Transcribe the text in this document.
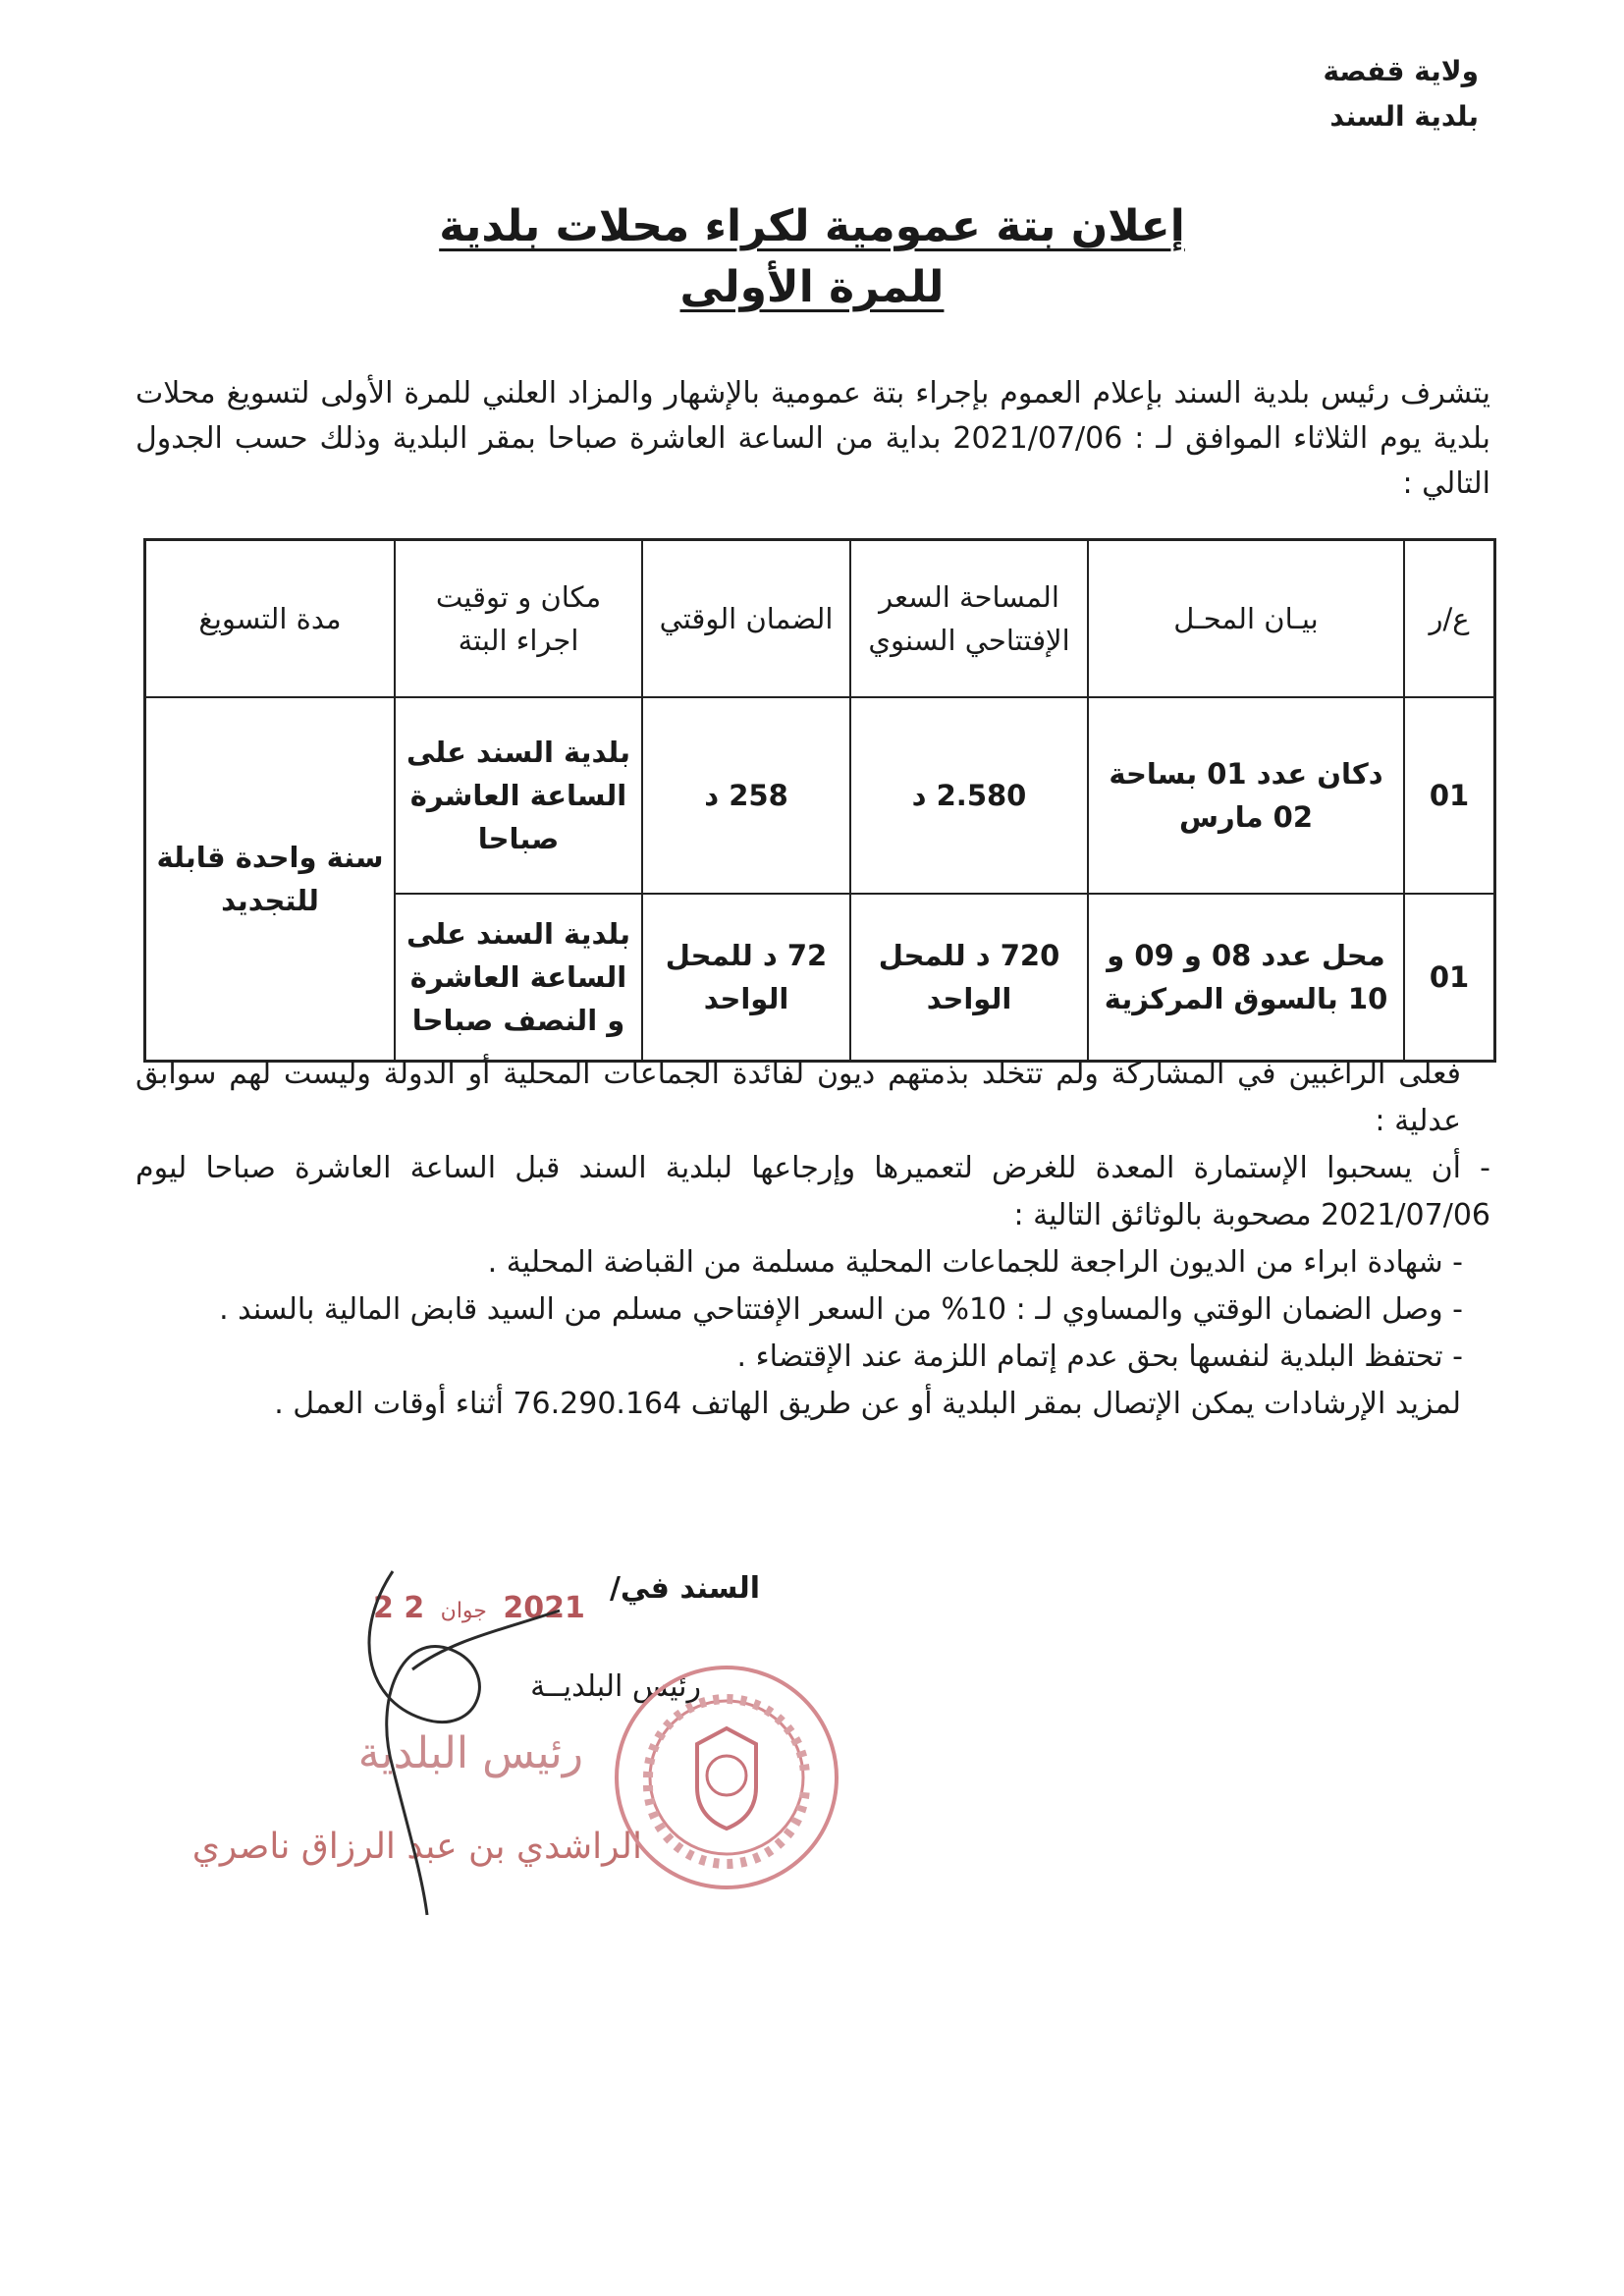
ولاية قفصة
بلدية السند
إعلان بتة عمومية لكراء محلات بلدية
للمرة الأولى
يتشرف رئيس بلدية السند بإعلام العموم بإجراء بتة عمومية بالإشهار والمزاد العلني للمرة الأولى لتسويغ محلات بلدية يوم الثلاثاء الموافق لـ : 2021/07/06 بداية من الساعة العاشرة صباحا بمقر البلدية وذلك حسب الجدول التالي :
ع/ر	بيـان المحـل	المساحة السعر الإفتتاحي السنوي	الضمان الوقتي	مكان و توقيت اجراء البتة	مدة التسويغ
01	دكان عدد 01 بساحة 02 مارس	2.580 د	258 د	بلدية السند على الساعة العاشرة صباحا	سنة واحدة قابلة للتجديد
01	محل عدد 08 و 09 و 10 بالسوق المركزية	720 د للمحل الواحد	72 د للمحل الواحد	بلدية السند على الساعة العاشرة و النصف صباحا	

فعلى الراغبين في المشاركة ولم تتخلد بذمتهم ديون لفائدة الجماعات المحلية أو الدولة وليست لهم سوابق عدلية :

- أن يسحبوا الإستمارة المعدة للغرض لتعميرها وإرجاعها لبلدية السند قبل الساعة العاشرة صباحا ليوم 2021/07/06 مصحوبة بالوثائق التالية :

- شهادة ابراء من الديون الراجعة للجماعات المحلية مسلمة من القباضة المحلية .

- وصل الضمان الوقتي والمساوي لـ : 10% من السعر الإفتتاحي مسلم من السيد قابض المالية بالسند .

- تحتفظ البلدية لنفسها بحق عدم إتمام اللزمة عند الإقتضاء .

لمزيد الإرشادات يمكن الإتصال بمقر البلدية أو عن طريق الهاتف 76.290.164 أثناء أوقات العمل .

السند في/
رئيس البلديــة
رئيس البلدية
الراشدي بن عبد الرزاق ناصري
2021 جوان 2 2
